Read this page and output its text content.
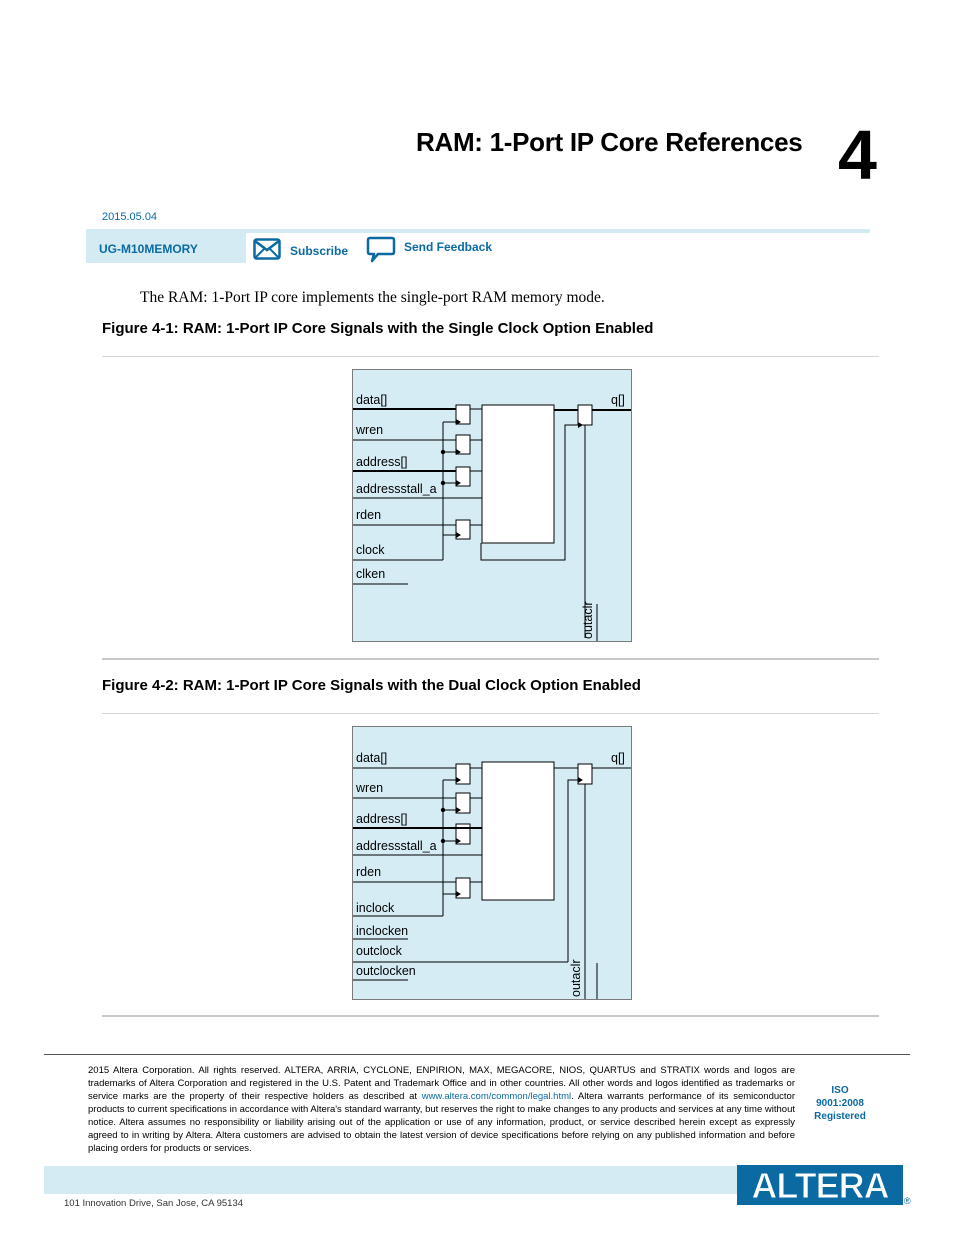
RAM: 1-Port IP Core References 4
2015.05.04
UG-M10MEMORY	Subscribe	Send Feedback
The RAM: 1-Port IP core implements the single-port RAM memory mode.
Figure 4-1: RAM: 1-Port IP Core Signals with the Single Clock Option Enabled
data[]
wren
address[]
addressstall_a
rden
clock
clken
q[]
outaclr
Figure 4-2: RAM: 1-Port IP Core Signals with the Dual Clock Option Enabled
data[]
wren
address[]
addressstall_a
rden
inclock
inclocken
outclock
outclocken
q[]
outaclr
2015 Altera Corporation. All rights reserved. ALTERA, ARRIA, CYCLONE, ENPIRION, MAX, MEGACORE, NIOS, QUARTUS and STRATIX words and logos are trademarks of Altera Corporation and registered in the U.S. Patent and Trademark Office and in other countries. All other words and logos identified as trademarks or service marks are the property of their respective holders as described at www.altera.com/common/legal.html. Altera warrants performance of its semiconductor products to current specifications in accordance with Altera's standard warranty, but reserves the right to make changes to any products and services at any time without notice. Altera assumes no responsibility or liability arising out of the application or use of any information, product, or service described herein except as expressly agreed to in writing by Altera. Altera customers are advised to obtain the latest version of device specifications before relying on any published information and before placing orders for products or services.
ISO
9001:2008
Registered
101 Innovation Drive, San Jose, CA 95134	ALTERA ®
